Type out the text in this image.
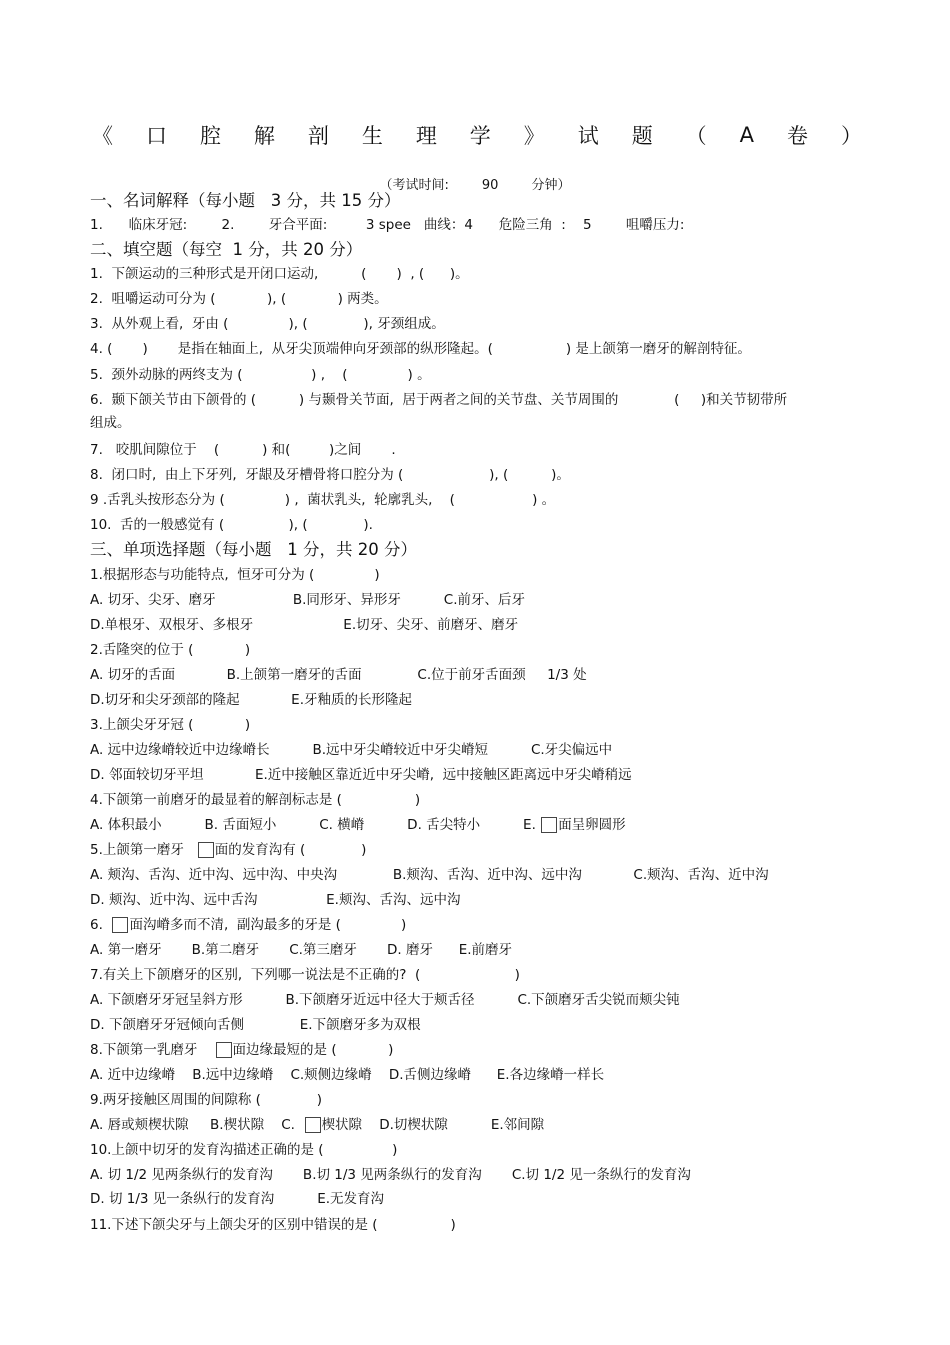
《 口 腔 解 剖 生 理 学 》 试 题 （ A 卷 ）
（考试时间:        90        分钟）
一、名词解释（每小题   3 分，共 15 分）
1.      临床牙冠:        2.        牙合平面:         3 spee   曲线：4      危险三角  :    5        咀嚼压力:
二、填空题（每空  1 分，共 20 分）
1.  下颌运动的三种形式是开闭口运动,          (       )  , (      )。
2.  咀嚼运动可分为 (            ), (            ) 两类。
3.  从外观上看,  牙由 (              ), (             ), 牙颈组成。
4. (       )       是指在轴面上,  从牙尖顶端伸向牙颈部的纵形隆起。(                 ) 是上颌第一磨牙的解剖特征。
5.  颈外动脉的两终支为 (                ) ,    (              ) 。
6.  颞下颌关节由下颌骨的 (          ) 与颞骨关节面,  居于两者之间的关节盘、关节周围的             (     )和关节韧带所
组成。
7.   咬肌间隙位于    (          ) 和(         )之间       .
8.  闭口时,  由上下牙列,  牙龈及牙槽骨将口腔分为 (                    ), (          )。
9 .舌乳头按形态分为 (              ) ,  菌状乳头,  轮廓乳头,    (                  ) 。
10.  舌的一般感觉有 (               ), (             ).
三、单项选择题（每小题   1 分，共 20 分）
1.根据形态与功能特点,  恒牙可分为 (              )
A. 切牙、尖牙、磨牙                  B.同形牙、异形牙          C.前牙、后牙
D.单根牙、双根牙、多根牙                     E.切牙、尖牙、前磨牙、磨牙
2.舌隆突的位于 (            )
A. 切牙的舌面            B.上颌第一磨牙的舌面             C.位于前牙舌面颈     1/3 处
D.切牙和尖牙颈部的隆起            E.牙釉质的长形隆起
3.上颌尖牙牙冠 (            )
A. 远中边缘嵴较近中边缘嵴长          B.远中牙尖嵴较近中牙尖嵴短          C.牙尖偏远中
D. 邻面较切牙平坦            E.近中接触区靠近近中牙尖嵴,  远中接触区距离远中牙尖嵴稍远
4.下颌第一前磨牙的最显着的解剖标志是 (                 )
A. 体积最小          B. 舌面短小          C. 横嵴          D. 舌尖特小          E. 面呈卵圆形
5.上颌第一磨牙   面的发育沟有 (             )
A. 颊沟、舌沟、近中沟、远中沟、中央沟             B.颊沟、舌沟、近中沟、远中沟            C.颊沟、舌沟、近中沟
D. 颊沟、近中沟、远中舌沟                E.颊沟、舌沟、远中沟
6.  面沟嵴多而不清,  副沟最多的牙是 (              )
A. 第一磨牙       B.第二磨牙       C.第三磨牙       D. 磨牙      E.前磨牙
7.有关上下颌磨牙的区别,  下列哪一说法是不正确的?  (                      )
A. 下颌磨牙牙冠呈斜方形          B.下颌磨牙近远中径大于颊舌径          C.下颌磨牙舌尖锐而颊尖钝
D. 下颌磨牙牙冠倾向舌侧             E.下颌磨牙多为双根
8.下颌第一乳磨牙    面边缘最短的是 (            )
A. 近中边缘嵴    B.远中边缘嵴    C.颊侧边缘嵴    D.舌侧边缘嵴      E.各边缘嵴一样长
9.两牙接触区周围的间隙称 (             )
A. 唇或颊楔状隙     B.楔状隙    C.  楔状隙    D.切楔状隙          E.邻间隙
10.上颌中切牙的发育沟描述正确的是 (                )
A. 切 1/2 见两条纵行的发育沟       B.切 1/3 见两条纵行的发育沟       C.切 1/2 见一条纵行的发育沟
D. 切 1/3 见一条纵行的发育沟          E.无发育沟
11.下述下颌尖牙与上颌尖牙的区别中错误的是 (                 )
